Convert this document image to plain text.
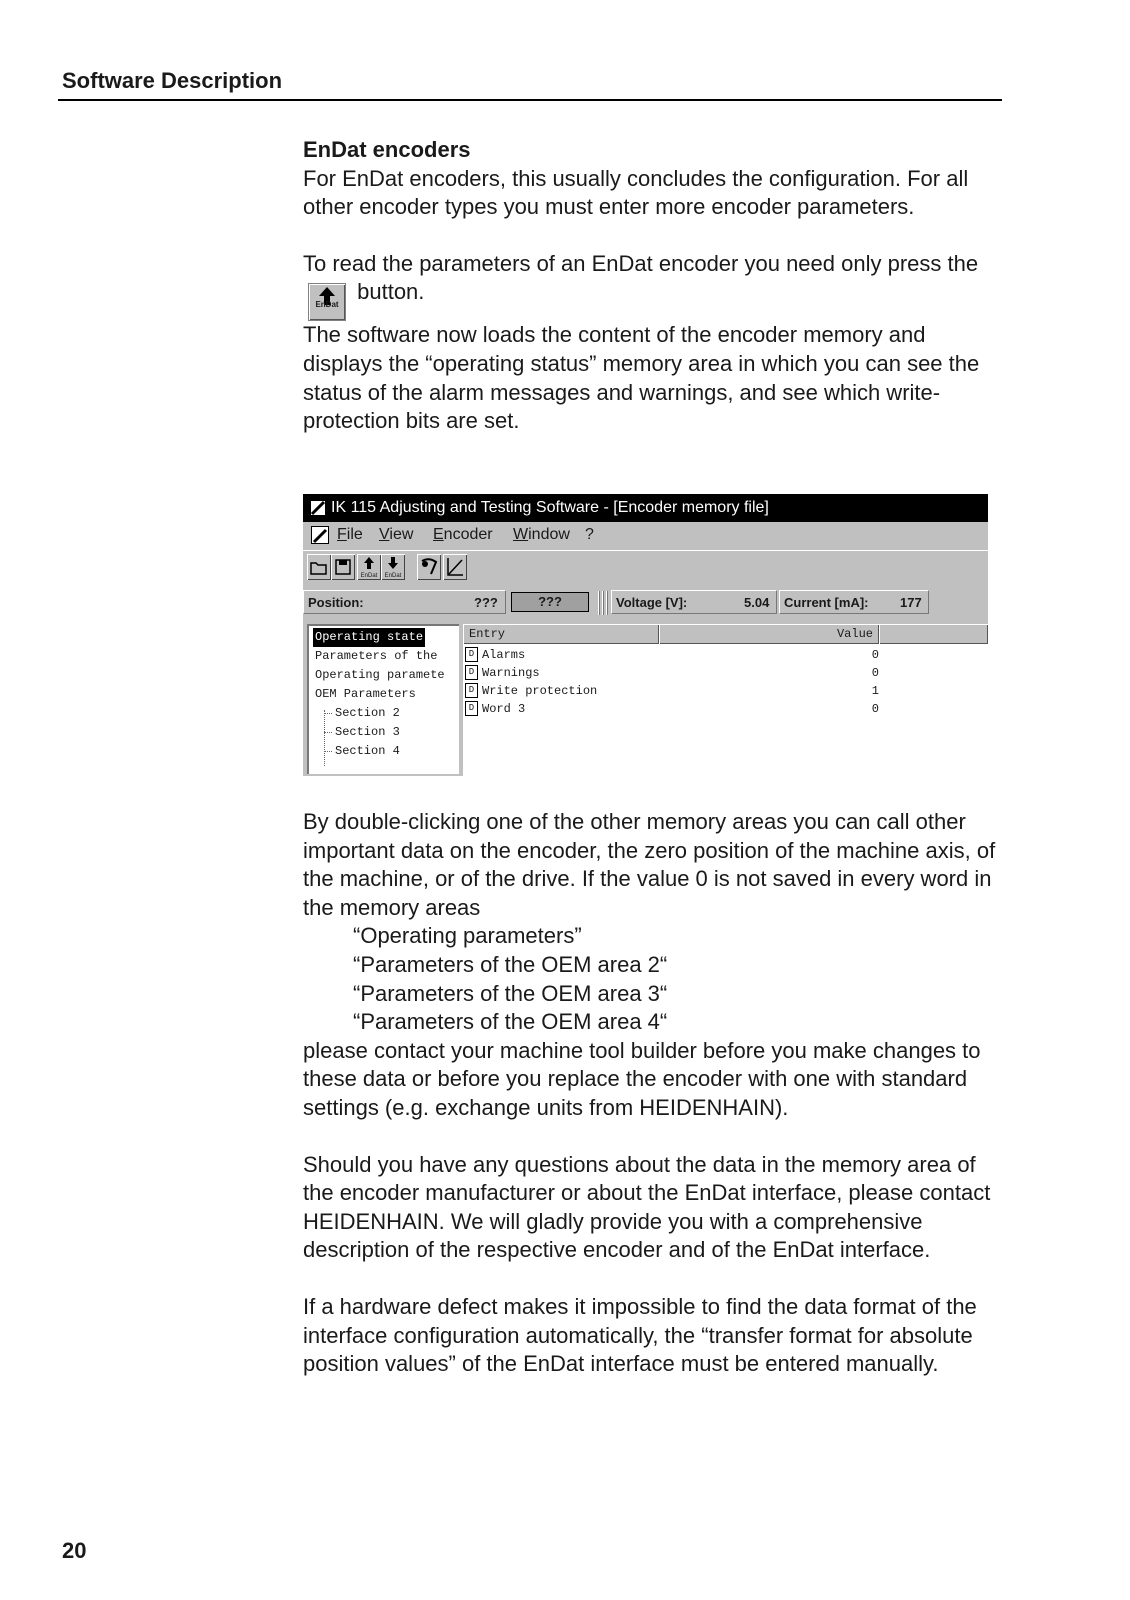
Software Description

EnDat encoders

For EnDat encoders, this usually concludes the configuration. For all other encoder types you must enter more encoder parameters.

To read the parameters of an EnDat encoder you need only press the
EnDat button.

The software now loads the content of the encoder memory and displays the “operating status” memory area in which you can see the status of the alarm messages and warnings, and see which write-protection bits are set.

IK 115 Adjusting and Testing Software - [Encoder memory file]
File View Encoder Window ?
EnDat	EnDat
Position:	???	???	Voltage [V]:	5.04	Current [mA]: 177
Operating state
Parameters of the
Operating paramete
OEM Parameters
Section 2
Section 3
Section 4
Entry	Value
D Alarms	0
D Warnings	0
D Write protection	1
D Word 3	0

By double-clicking one of the other memory areas you can call other important data on the encoder, the zero position of the machine axis, of the machine, or of the drive. If the value 0 is not saved in every word in the memory areas

“Operating parameters”

“Parameters of the OEM area 2“

“Parameters of the OEM area 3“

“Parameters of the OEM area 4“

please contact your machine tool builder before you make changes to these data or before you replace the encoder with one with standard settings (e.g. exchange units from HEIDENHAIN).

Should you have any questions about the data in the memory area of the encoder manufacturer or about the EnDat interface, please contact HEIDENHAIN. We will gladly provide you with a comprehensive description of the respective encoder and of the EnDat interface.

If a hardware defect makes it impossible to find the data format of the interface configuration automatically, the “transfer format for absolute position values” of the EnDat interface must be entered manually.

20
